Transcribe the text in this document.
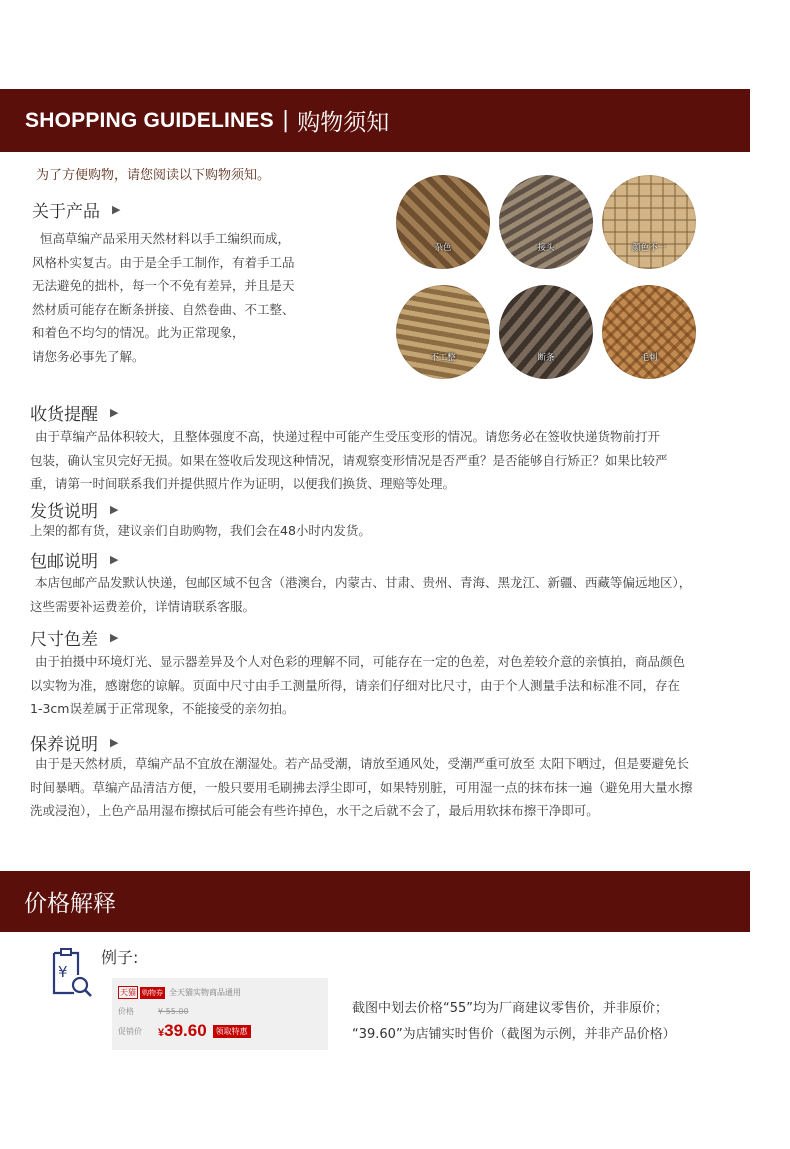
SHOPPING GUIDELINES | 购物须知
为了方便购物，请您阅读以下购物须知。
关于产品 ▶
恒高草编产品采用天然材料以手工编织而成，
风格朴实复古。由于是全手工制作，有着手工品
无法避免的拙朴，每一个不免有差异，并且是天
然材质可能存在断条拼接、自然卷曲、不工整、
和着色不均匀的情况。此为正常现象，
请您务必事先了解。
杂色	接头	颜色不一
不工整	断条	毛刺
收货提醒 ▶
由于草编产品体积较大，且整体强度不高，快递过程中可能产生受压变形的情况。请您务必在签收快递货物前打开
包装，确认宝贝完好无损。如果在签收后发现这种情况，请观察变形情况是否严重？是否能够自行矫正？如果比较严
重，请第一时间联系我们并提供照片作为证明，以便我们换货、理赔等处理。
发货说明 ▶
上架的都有货，建议亲们自助购物，我们会在48小时内发货。
包邮说明 ▶
本店包邮产品发默认快递，包邮区域不包含（港澳台，内蒙古、甘肃、贵州、青海、黑龙江、新疆、西藏等偏远地区），
这些需要补运费差价，详情请联系客服。
尺寸色差 ▶
由于拍摄中环境灯光、显示器差异及个人对色彩的理解不同，可能存在一定的色差，对色差较介意的亲慎拍，商品颜色
以实物为准，感谢您的谅解。页面中尺寸由手工测量所得，请亲们仔细对比尺寸，由于个人测量手法和标准不同，存在
1-3cm误差属于正常现象，不能接受的亲勿拍。
保养说明 ▶
由于是天然材质，草编产品不宜放在潮湿处。若产品受潮，请放至通风处，受潮严重可放至 太阳下晒过，但是要避免长
时间暴晒。草编产品清洁方便，一般只要用毛刷拂去浮尘即可，如果特别脏，可用湿一点的抹布抹一遍（避免用大量水擦
洗或浸泡），上色产品用湿布擦拭后可能会有些许掉色，水干之后就不会了，最后用软抹布擦干净即可。
价格解释
¥
例子:
天猫 购物券 全天猫实物商品通用
价格	¥ 55.00
促销价	¥39.60	领取特惠
截图中划去价格“55”均为厂商建议零售价，并非原价；
“39.60”为店铺实时售价（截图为示例，并非产品价格）
